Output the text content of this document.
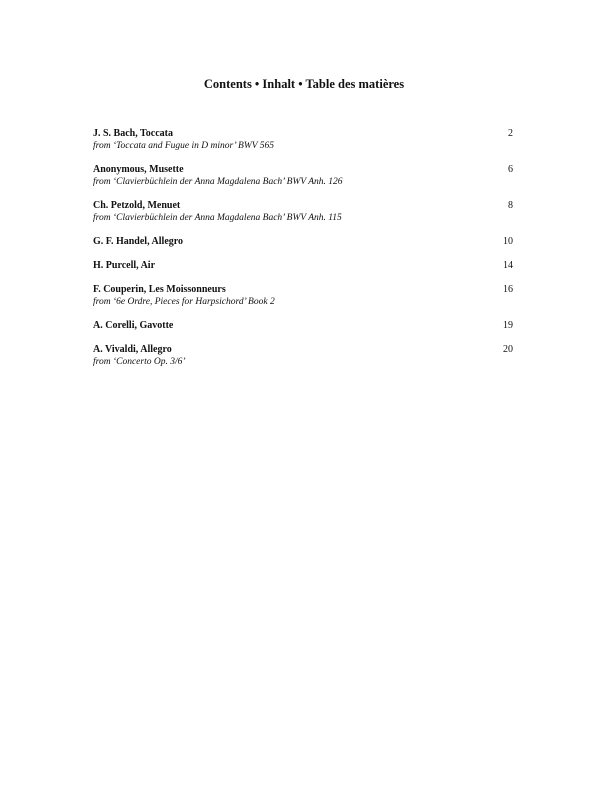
Contents • Inhalt • Table des matières
J. S. Bach, Toccata	2
from ‘Toccata and Fugue in D minor’ BWV 565
Anonymous, Musette	6
from ‘Clavierbüchlein der Anna Magdalena Bach’ BWV Anh. 126
Ch. Petzold, Menuet	8
from ‘Clavierbüchlein der Anna Magdalena Bach’ BWV Anh. 115
G. F. Handel, Allegro	10
H. Purcell, Air	14
F. Couperin, Les Moissonneurs	16
from ‘6e Ordre, Pieces for Harpsichord’ Book 2
A. Corelli, Gavotte	19
A. Vivaldi, Allegro	20
from ‘Concerto Op. 3/6’
